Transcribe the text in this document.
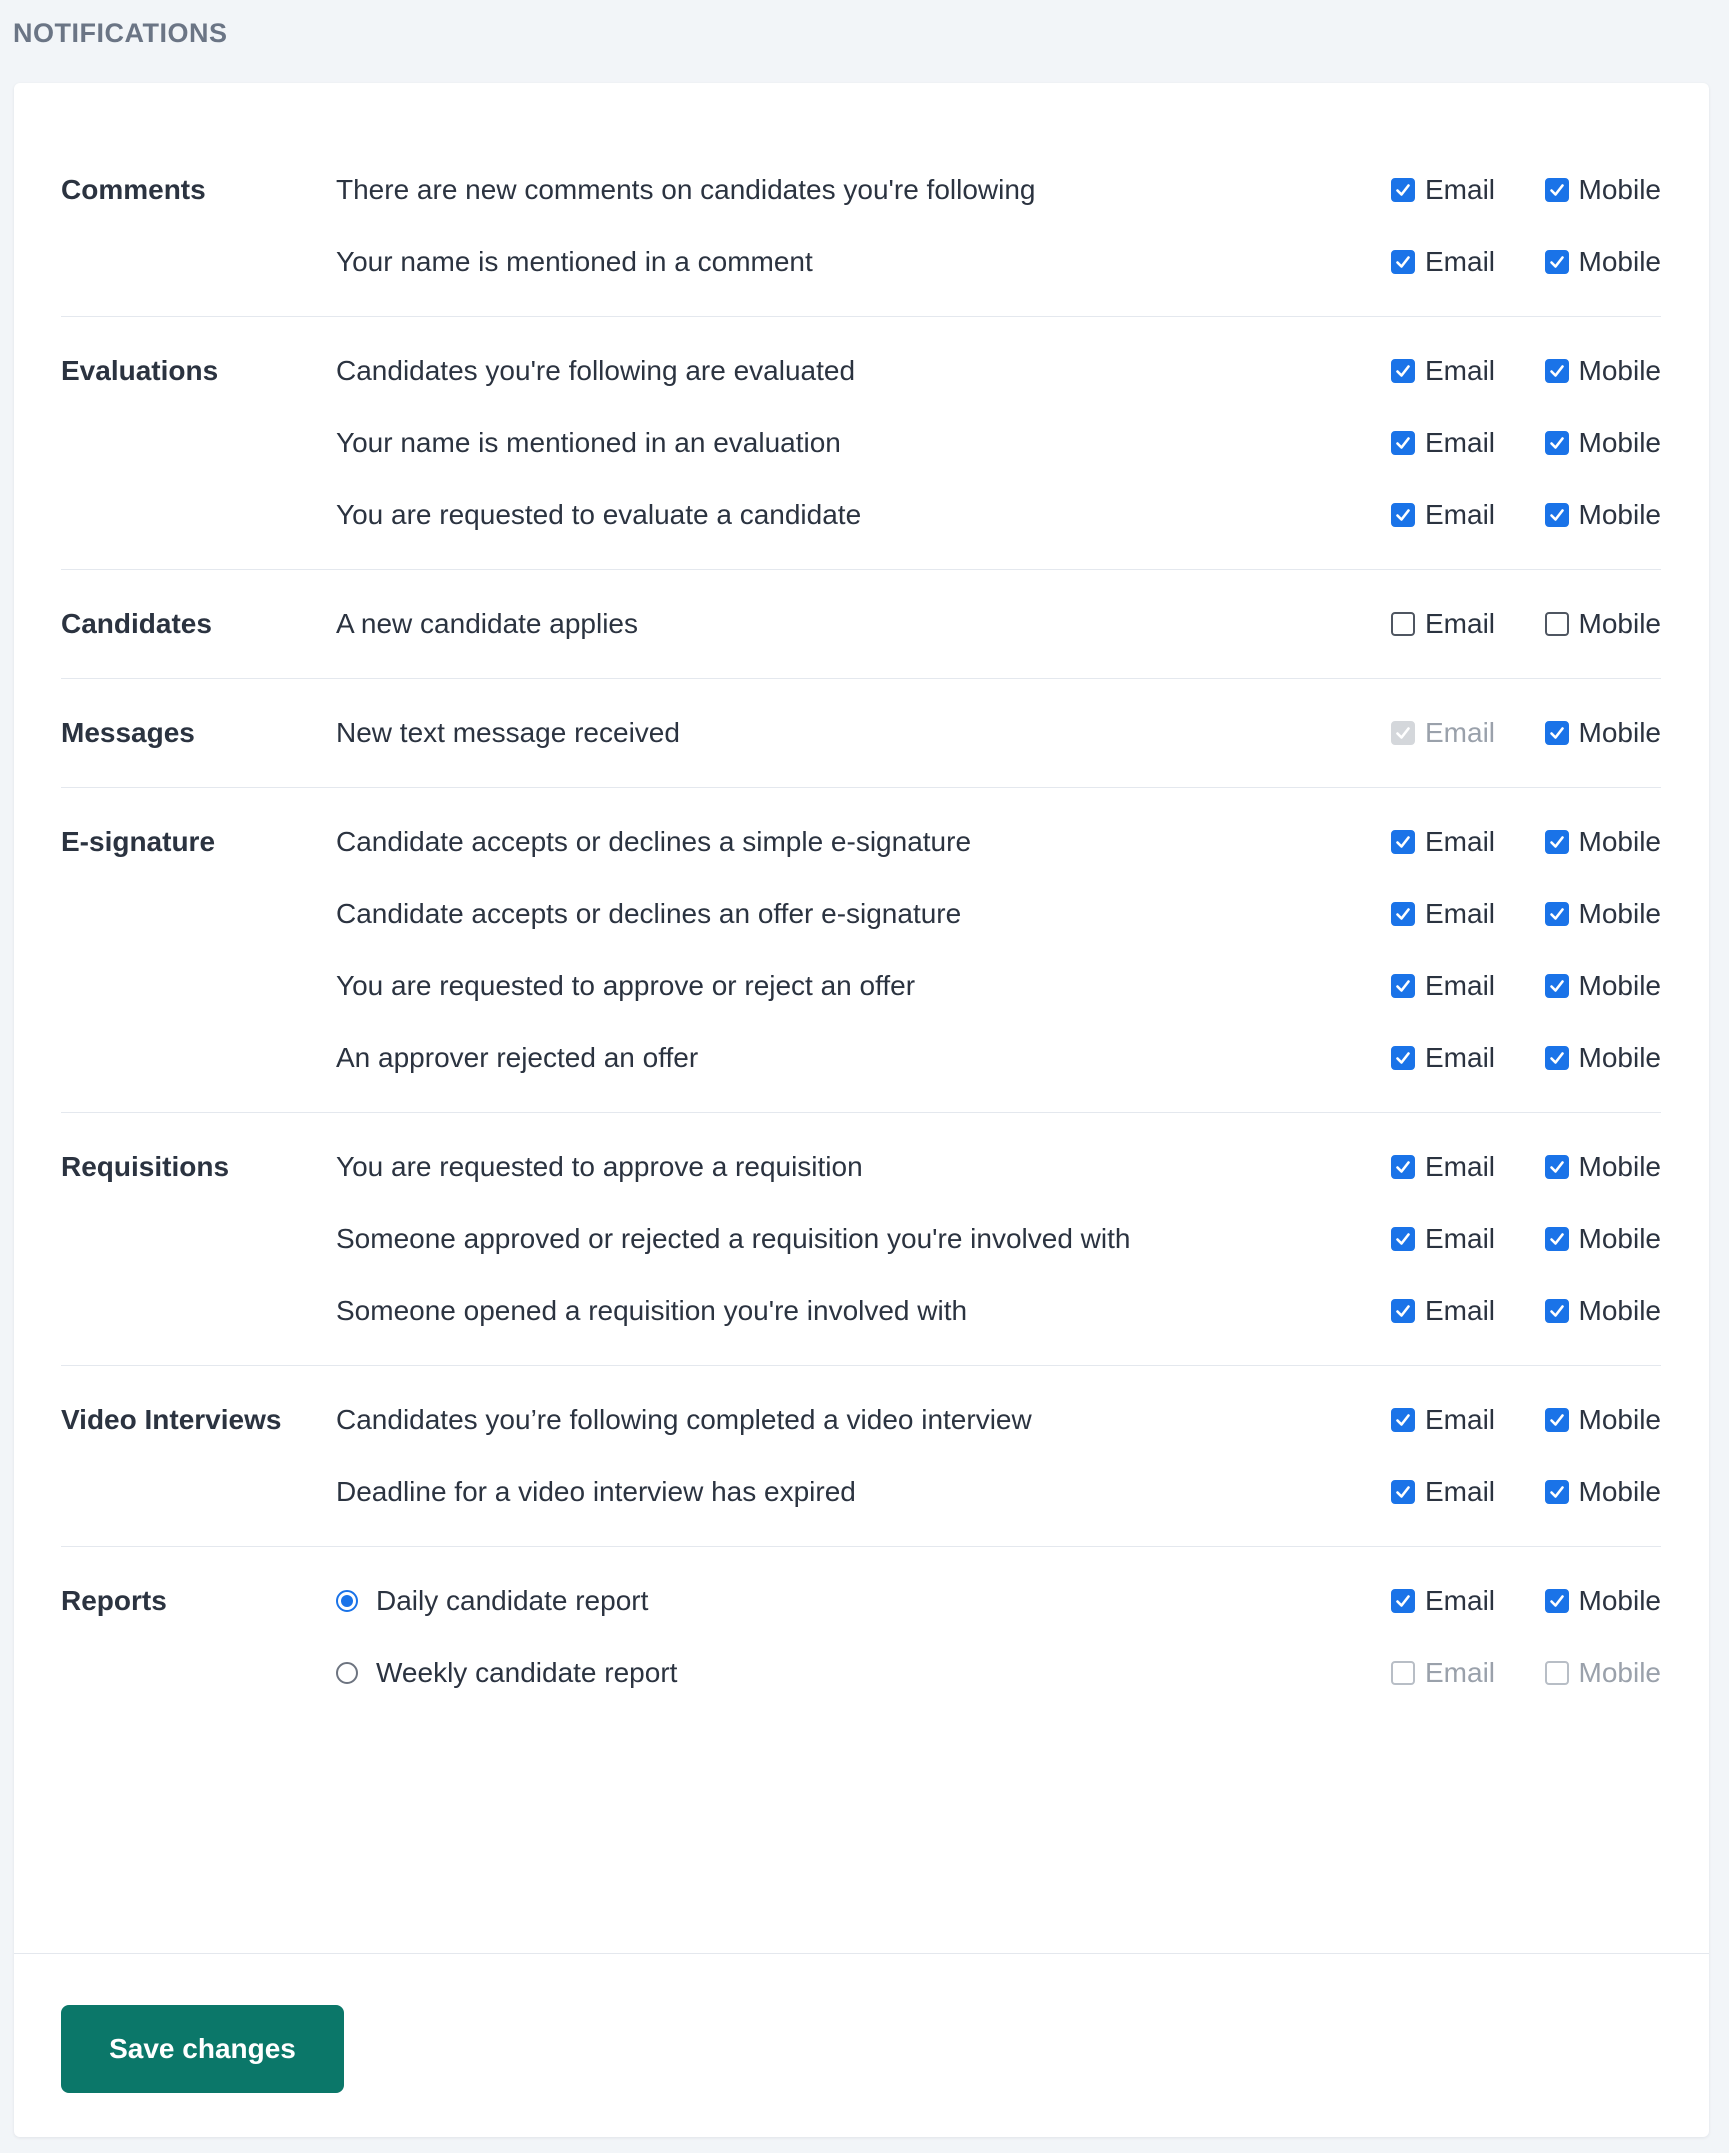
NOTIFICATIONS
Comments	There are new comments on candidates you're following	Email	Mobile
Your name is mentioned in a comment	Email	Mobile
Evaluations	Candidates you're following are evaluated	Email	Mobile
Your name is mentioned in an evaluation	Email	Mobile
You are requested to evaluate a candidate	Email	Mobile
Candidates	A new candidate applies	Email	Mobile
Messages	New text message received	Email	Mobile
E-signature	Candidate accepts or declines a simple e-signature	Email	Mobile
Candidate accepts or declines an offer e-signature	Email	Mobile
You are requested to approve or reject an offer	Email	Mobile
An approver rejected an offer	Email	Mobile
Requisitions	You are requested to approve a requisition	Email	Mobile
Someone approved or rejected a requisition you're involved with	Email	Mobile
Someone opened a requisition you're involved with	Email	Mobile
Video Interviews	Candidates you’re following completed a video interview	Email	Mobile
Deadline for a video interview has expired	Email	Mobile
Reports	Daily candidate report	Email	Mobile
Weekly candidate report	Email	Mobile
Save changes
